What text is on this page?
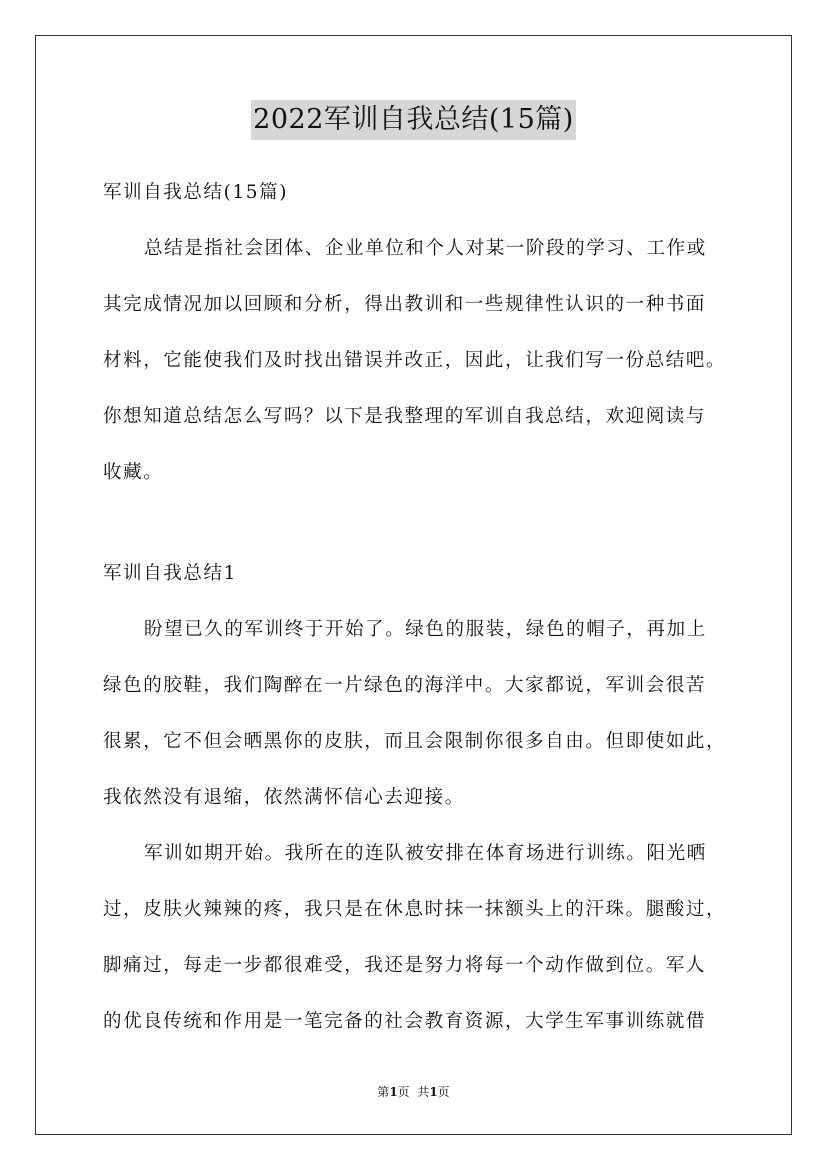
2022军训自我总结(15篇)
军训自我总结(15篇)
总结是指社会团体、企业单位和个人对某一阶段的学习、工作或
其完成情况加以回顾和分析，得出教训和一些规律性认识的一种书面
材料，它能使我们及时找出错误并改正，因此，让我们写一份总结吧。
你想知道总结怎么写吗？以下是我整理的军训自我总结，欢迎阅读与
收藏。
军训自我总结1
盼望已久的军训终于开始了。绿色的服装，绿色的帽子，再加上
绿色的胶鞋，我们陶醉在一片绿色的海洋中。大家都说，军训会很苦
很累，它不但会晒黑你的皮肤，而且会限制你很多自由。但即使如此，
我依然没有退缩，依然满怀信心去迎接。
军训如期开始。我所在的连队被安排在体育场进行训练。阳光晒
过，皮肤火辣辣的疼，我只是在休息时抹一抹额头上的汗珠。腿酸过，
脚痛过，每走一步都很难受，我还是努力将每一个动作做到位。军人
的优良传统和作用是一笔完备的社会教育资源，大学生军事训练就借
第1页  共1页
